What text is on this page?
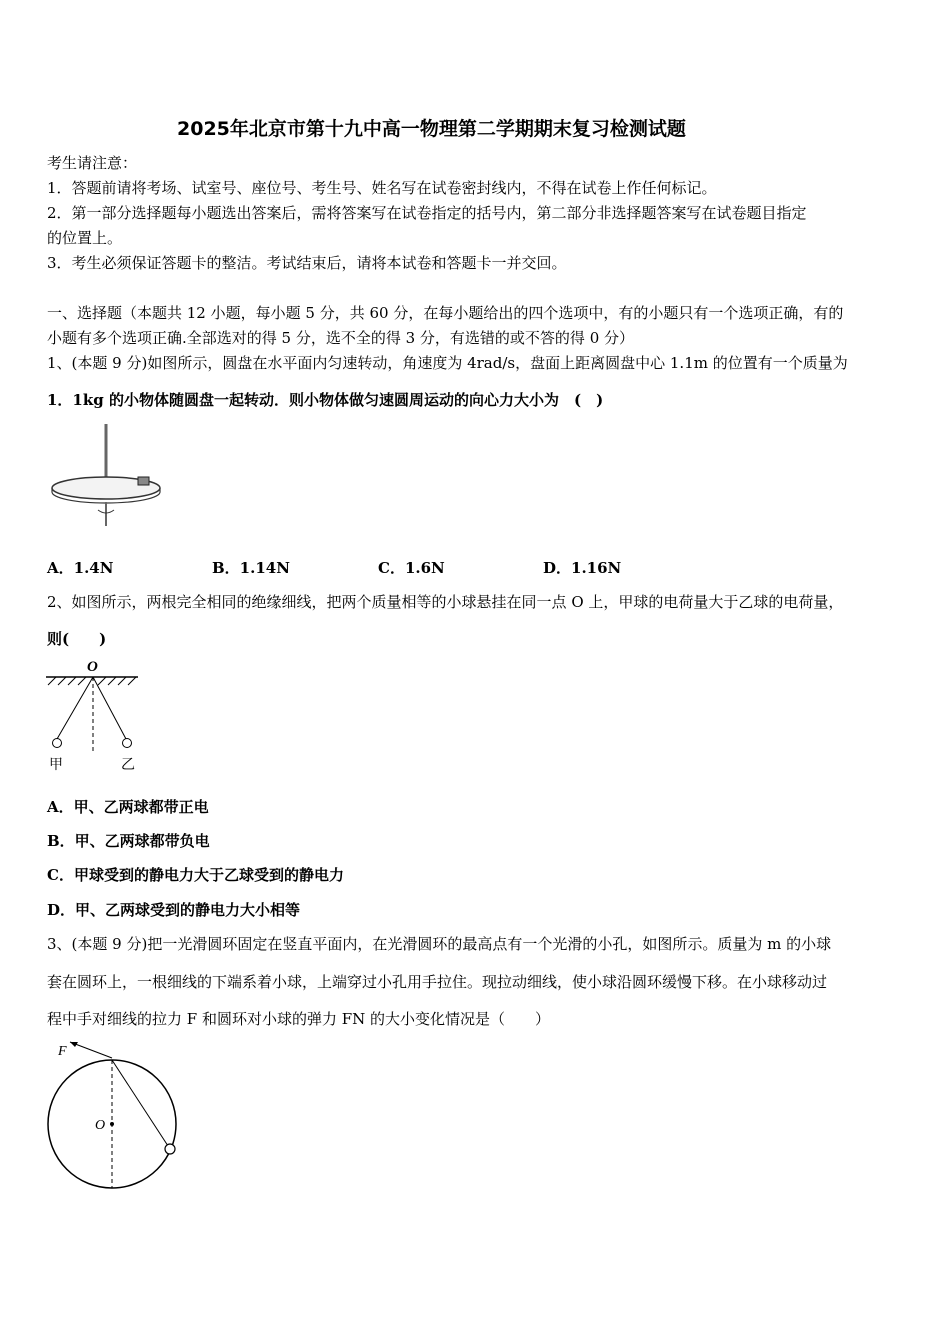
2025年北京市第十九中高一物理第二学期期末复习检测试题
考生请注意：
1．答题前请将考场、试室号、座位号、考生号、姓名写在试卷密封线内，不得在试卷上作任何标记。
2．第一部分选择题每小题选出答案后，需将答案写在试卷指定的括号内，第二部分非选择题答案写在试卷题目指定
的位置上。
3．考生必须保证答题卡的整洁。考试结束后，请将本试卷和答题卡一并交回。
一、选择题（本题共 12 小题，每小题 5 分，共 60 分，在每小题给出的四个选项中，有的小题只有一个选项正确，有的
小题有多个选项正确.全部选对的得 5 分，选不全的得 3 分，有选错的或不答的得 0 分）
1、(本题 9 分)如图所示，圆盘在水平面内匀速转动，角速度为 4rad/s，盘面上距离圆盘中心 1.1m 的位置有一个质量为
1．1kg 的小物体随圆盘一起转动．则小物体做匀速圆周运动的向心力大小为　(　)
A．1.4N	B．1.14N	C．1.6N	D．1.16N
2、如图所示，两根完全相同的绝缘细线，把两个质量相等的小球悬挂在同一点 O 上，甲球的电荷量大于乙球的电荷量，
则(　　)
O
甲	乙
A．甲、乙两球都带正电
B．甲、乙两球都带负电
C．甲球受到的静电力大于乙球受到的静电力
D．甲、乙两球受到的静电力大小相等
3、(本题 9 分)把一光滑圆环固定在竖直平面内，在光滑圆环的最高点有一个光滑的小孔，如图所示。质量为 m 的小球
套在圆环上，一根细线的下端系着小球，上端穿过小孔用手拉住。现拉动细线，使小球沿圆环缓慢下移。在小球移动过
程中手对细线的拉力 F 和圆环对小球的弹力 FN 的大小变化情况是（　　）
F
O
